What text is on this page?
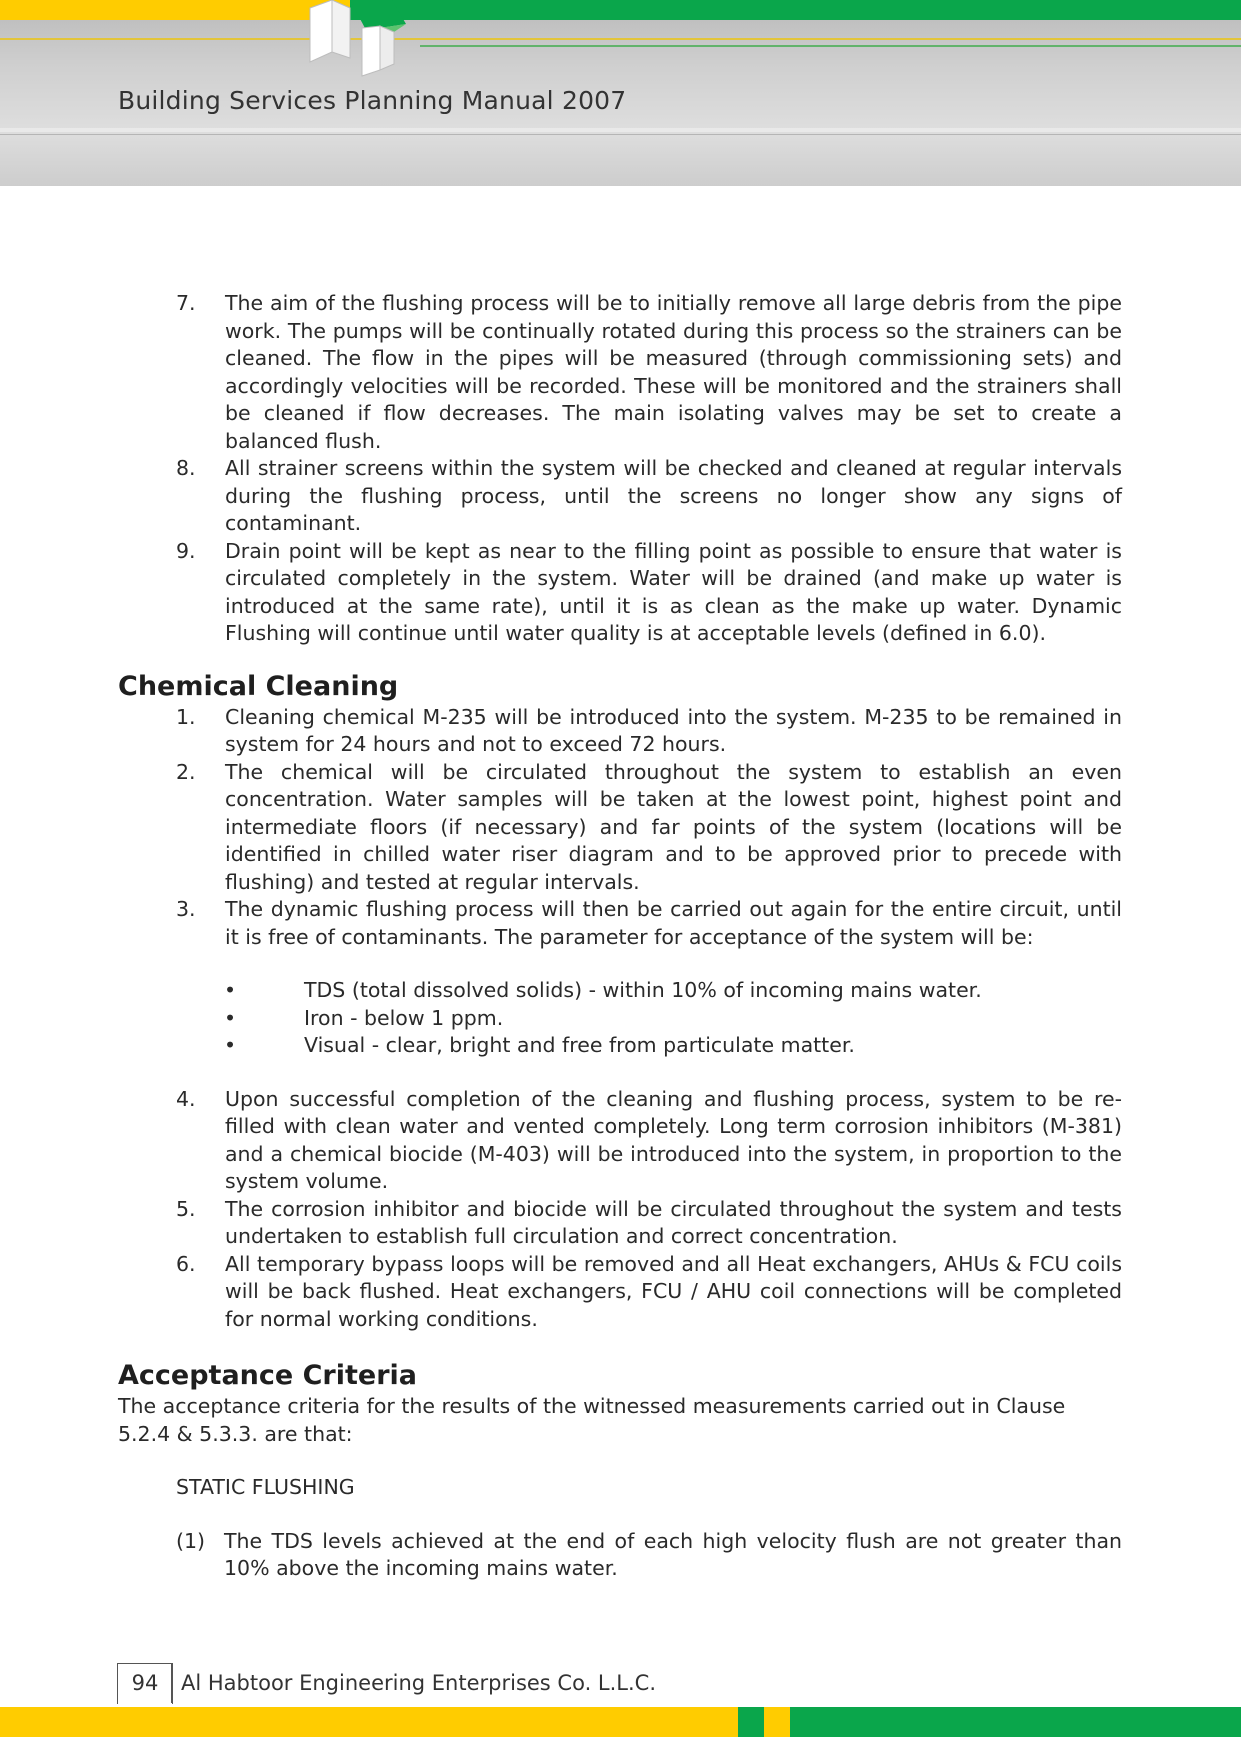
Building Services Planning Manual 2007
7. The aim of the flushing process will be to initially remove all large debris from the pipe work. The pumps will be continually rotated during this process so the strainers can be cleaned. The flow in the pipes will be measured (through commissioning sets) and accordingly velocities will be recorded. These will be monitored and the strainers shall be cleaned if flow decreases. The main isolating valves may be set to create a balanced flush.
8. All strainer screens within the system will be checked and cleaned at regular intervals during the flushing process, until the screens no longer show any signs of contaminant.
9. Drain point will be kept as near to the filling point as possible to ensure that water is circulated completely in the system. Water will be drained (and make up water is introduced at the same rate), until it is as clean as the make up water. Dynamic Flushing will continue until water quality is at acceptable levels (defined in 6.0).
Chemical Cleaning
1. Cleaning chemical M-235 will be introduced into the system. M-235 to be remained in system for 24 hours and not to exceed 72 hours.
2. The chemical will be circulated throughout the system to establish an even concentration. Water samples will be taken at the lowest point, highest point and intermediate floors (if necessary) and far points of the system (locations will be identified in chilled water riser diagram and to be approved prior to precede with flushing) and tested at regular intervals.
3. The dynamic flushing process will then be carried out again for the entire circuit, until it is free of contaminants. The parameter for acceptance of the system will be:
•	TDS (total dissolved solids) - within 10% of incoming mains water.
•	Iron - below 1 ppm.
•	Visual - clear, bright and free from particulate matter.
4. Upon successful completion of the cleaning and flushing process, system to be re- filled with clean water and vented completely. Long term corrosion inhibitors (M-381) and a chemical biocide (M-403) will be introduced into the system, in proportion to the system volume.
5. The corrosion inhibitor and biocide will be circulated throughout the system and tests undertaken to establish full circulation and correct concentration.
6. All temporary bypass loops will be removed and all Heat exchangers, AHUs & FCU coils will be back flushed. Heat exchangers, FCU / AHU coil connections will be completed for normal working conditions.
Acceptance Criteria

The acceptance criteria for the results of the witnessed measurements carried out in Clause 5.2.4 & 5.3.3. are that:

STATIC FLUSHING
(1) The TDS levels achieved at the end of each high velocity flush are not greater than 10% above the incoming mains water.
94	Al Habtoor Engineering Enterprises Co. L.L.C.
